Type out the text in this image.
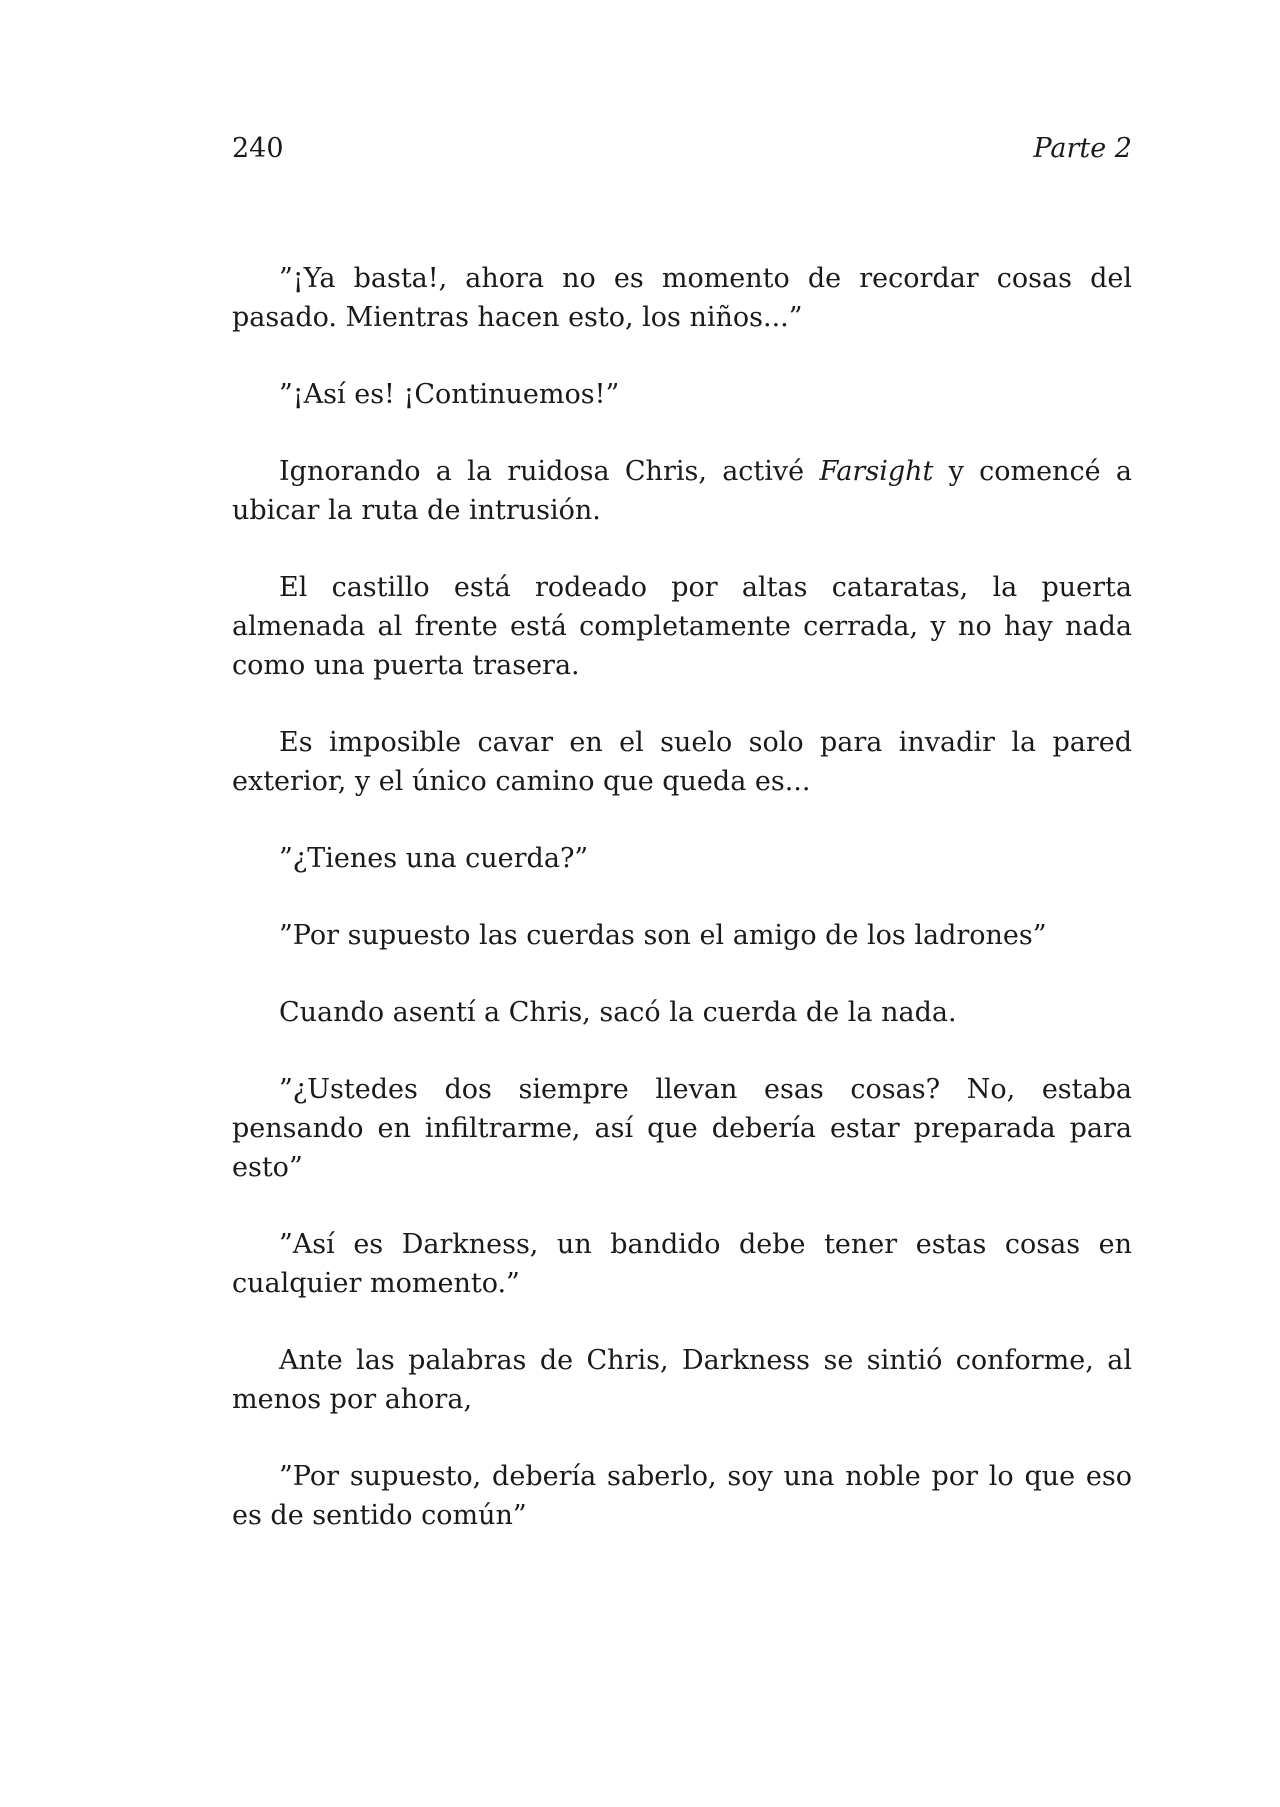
240	Parte 2

”¡Ya basta!, ahora no es momento de recordar cosas del pasado. Mientras hacen esto, los niños...”

”¡Así es! ¡Continuemos!”

Ignorando a la ruidosa Chris, activé Farsight y comencé a ubicar la ruta de intrusión.

El castillo está rodeado por altas cataratas, la puerta almenada al frente está completamente cerrada, y no hay nada como una puerta trasera.

Es imposible cavar en el suelo solo para invadir la pared exterior, y el único camino que queda es...

”¿Tienes una cuerda?”

”Por supuesto las cuerdas son el amigo de los ladrones”

Cuando asentí a Chris, sacó la cuerda de la nada.

”¿Ustedes dos siempre llevan esas cosas? No, estaba pensando en infiltrarme, así que debería estar preparada para esto”

”Así es Darkness, un bandido debe tener estas cosas en cualquier momento.”

Ante las palabras de Chris, Darkness se sintió conforme, al menos por ahora,

”Por supuesto, debería saberlo, soy una noble por lo que eso es de sentido común”
